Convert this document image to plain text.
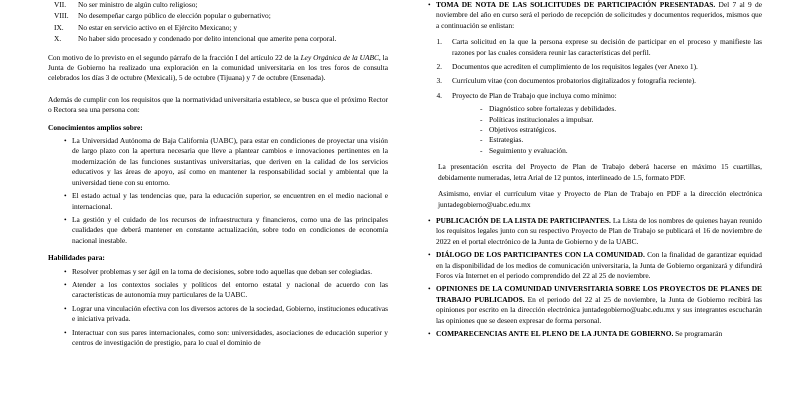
VII.	No ser ministro de algún culto religioso;
VIII.	No desempeñar cargo público de elección popular o gubernativo;
IX.	No estar en servicio activo en el Ejército Mexicano; y
X.	No haber sido procesado y condenado por delito intencional que amerite pena corporal.

Con motivo de lo previsto en el segundo párrafo de la fracción I del artículo 22 de la Ley Orgánica de la UABC, la Junta de Gobierno ha realizado una exploración en la comunidad universitaria en los tres foros de consulta celebrados los días 3 de octubre (Mexicali), 5 de octubre (Tijuana) y 7 de octubre (Ensenada).

Además de cumplir con los requisitos que la normatividad universitaria establece, se busca que el próximo Rector o Rectora sea una persona con:

Conocimientos amplios sobre:
• La Universidad Autónoma de Baja California (UABC), para estar en condiciones de proyectar una visión de largo plazo con la apertura necesaria que lleve a plantear cambios e innovaciones pertinentes en la modernización de las funciones sustantivas universitarias, que deriven en la calidad de los servicios educativos y las áreas de apoyo, así como en mantener la responsabilidad social y ambiental que la universidad tiene con su entorno.
• El estado actual y las tendencias que, para la educación superior, se encuentren en el medio nacional e internacional.
• La gestión y el cuidado de los recursos de infraestructura y financieros, como una de las principales cualidades que deberá mantener en constante actualización, sobre todo en condiciones de economía nacional inestable.
Habilidades para:
• Resolver problemas y ser ágil en la toma de decisiones, sobre todo aquellas que deban ser colegiadas.
• Atender a los contextos sociales y políticos del entorno estatal y nacional de acuerdo con las características de autonomía muy particulares de la UABC.
• Lograr una vinculación efectiva con los diversos actores de la sociedad, Gobierno, instituciones educativas e iniciativa privada.
• Interactuar con sus pares internacionales, como son: universidades, asociaciones de educación superior y centros de investigación de prestigio, para lo cual el dominio de
• TOMA DE NOTA DE LAS SOLICITUDES DE PARTICIPACIÓN PRESENTADAS. Del 7 al 9 de noviembre del año en curso será el periodo de recepción de solicitudes y documentos requeridos, mismos que a continuación se enlistan:
Carta solicitud en la que la persona exprese su decisión de participar en el proceso y manifieste las razones por las cuales considera reunir las características del perfil.
Documentos que acrediten el cumplimiento de los requisitos legales (ver Anexo 1).
Currículum vitae (con documentos probatorios digitalizados y fotografía reciente).
Proyecto de Plan de Trabajo que incluya como mínimo:
- Diagnóstico sobre fortalezas y debilidades.
- Políticas institucionales a impulsar.
- Objetivos estratégicos.
- Estrategias.
- Seguimiento y evaluación.

La presentación escrita del Proyecto de Plan de Trabajo deberá hacerse en máximo 15 cuartillas, debidamente numeradas, letra Arial de 12 puntos, interlineado de 1.5, formato PDF.

Asimismo, enviar el currículum vitae y Proyecto de Plan de Trabajo en PDF a la dirección electrónica juntadegobierno@uabc.edu.mx

• PUBLICACIÓN DE LA LISTA DE PARTICIPANTES. La Lista de los nombres de quienes hayan reunido los requisitos legales junto con su respectivo Proyecto de Plan de Trabajo se publicará el 16 de noviembre de 2022 en el portal electrónico de la Junta de Gobierno y de la UABC.
• DIÁLOGO DE LOS PARTICIPANTES CON LA COMUNIDAD. Con la finalidad de garantizar equidad en la disponibilidad de los medios de comunicación universitaria, la Junta de Gobierno organizará y difundirá Foros vía Internet en el periodo comprendido del 22 al 25 de noviembre.
• OPINIONES DE LA COMUNIDAD UNIVERSITARIA SOBRE LOS PROYECTOS DE PLANES DE TRABAJO PUBLICADOS. En el periodo del 22 al 25 de noviembre, la Junta de Gobierno recibirá las opiniones por escrito en la dirección electrónica juntadegobierno@uabc.edu.mx y sus integrantes escucharán las opiniones que se deseen expresar de forma personal.
• COMPARECENCIAS ANTE EL PLENO DE LA JUNTA DE GOBIERNO. Se programarán
